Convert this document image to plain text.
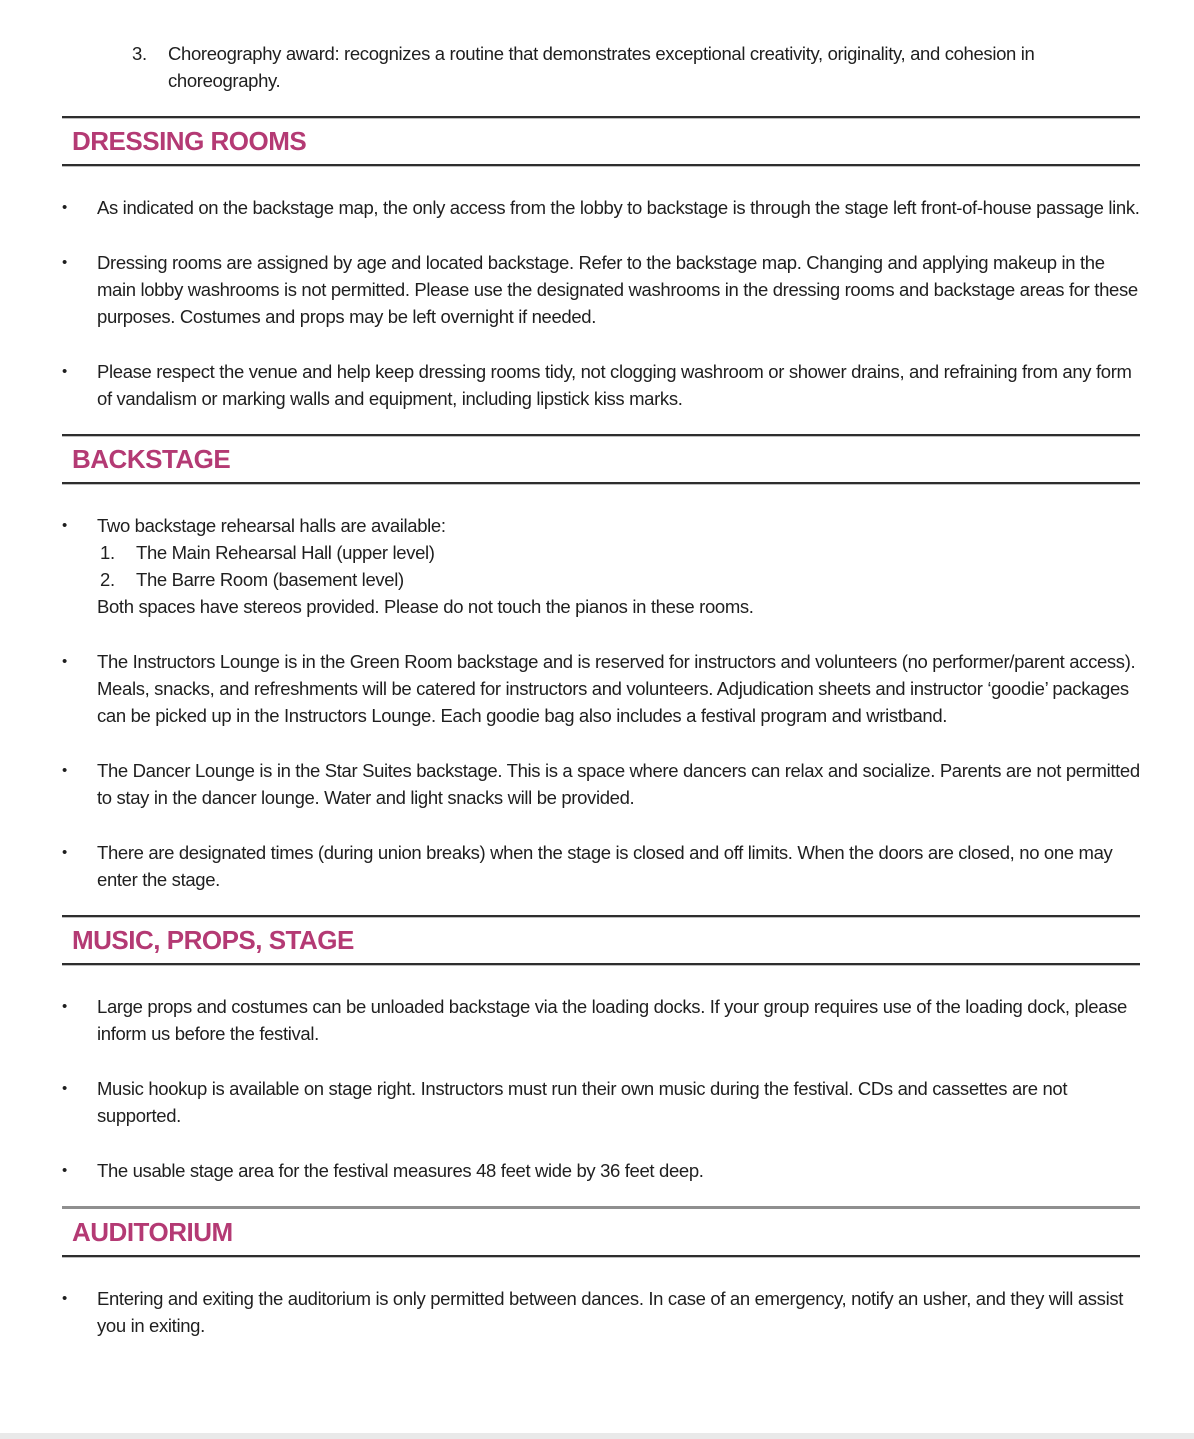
3.	Choreography award: recognizes a routine that demonstrates exceptional creativity, originality, and cohesion in choreography.
DRESSING ROOMS
•	As indicated on the backstage map, the only access from the lobby to backstage is through the stage left front-of-house passage link.
•	Dressing rooms are assigned by age and located backstage. Refer to the backstage map. Changing and applying makeup in the main lobby washrooms is not permitted. Please use the designated washrooms in the dressing rooms and backstage areas for these purposes. Costumes and props may be left overnight if needed.
•	Please respect the venue and help keep dressing rooms tidy, not clogging washroom or shower drains, and refraining from any form of vandalism or marking walls and equipment, including lipstick kiss marks.
BACKSTAGE
•	Two backstage rehearsal halls are available:
1.	The Main Rehearsal Hall (upper level)
2.	The Barre Room (basement level)
Both spaces have stereos provided. Please do not touch the pianos in these rooms.
•	The Instructors Lounge is in the Green Room backstage and is reserved for instructors and volunteers (no performer/parent access). Meals, snacks, and refreshments will be catered for instructors and volunteers. Adjudication sheets and instructor ‘goodie’ packages can be picked up in the Instructors Lounge. Each goodie bag also includes a festival program and wristband.
•	The Dancer Lounge is in the Star Suites backstage. This is a space where dancers can relax and socialize. Parents are not permitted to stay in the dancer lounge. Water and light snacks will be provided.
•	There are designated times (during union breaks) when the stage is closed and off limits. When the doors are closed, no one may enter the stage.
MUSIC, PROPS, STAGE
•	Large props and costumes can be unloaded backstage via the loading docks. If your group requires use of the loading dock, please inform us before the festival.
•	Music hookup is available on stage right. Instructors must run their own music during the festival. CDs and cassettes are not supported.
•	The usable stage area for the festival measures 48 feet wide by 36 feet deep.
AUDITORIUM
•	Entering and exiting the auditorium is only permitted between dances. In case of an emergency, notify an usher, and they will assist you in exiting.
